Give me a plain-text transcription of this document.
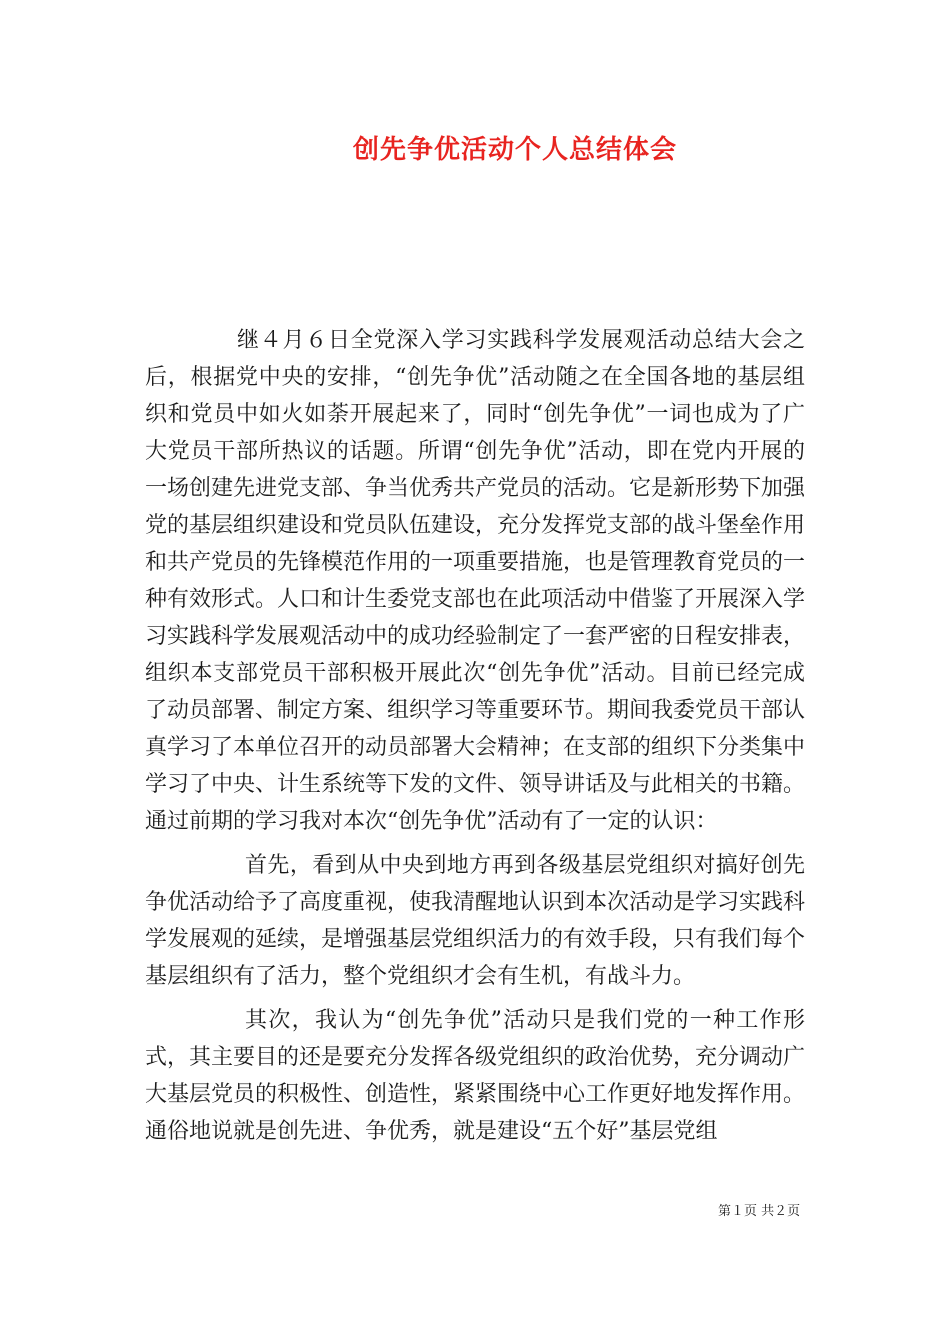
创先争优活动个人总结体会

继４月６日全党深入学习实践科学发展观活动总结大会之后，根据党中央的安排，“创先争优”活动随之在全国各地的基层组织和党员中如火如荼开展起来了，同时“创先争优”一词也成为了广大党员干部所热议的话题。所谓“创先争优”活动，即在党内开展的一场创建先进党支部、争当优秀共产党员的活动。它是新形势下加强党的基层组织建设和党员队伍建设，充分发挥党支部的战斗堡垒作用和共产党员的先锋模范作用的一项重要措施，也是管理教育党员的一种有效形式。人口和计生委党支部也在此项活动中借鉴了开展深入学习实践科学发展观活动中的成功经验制定了一套严密的日程安排表，组织本支部党员干部积极开展此次“创先争优”活动。目前已经完成了动员部署、制定方案、组织学习等重要环节。期间我委党员干部认真学习了本单位召开的动员部署大会精神；在支部的组织下分类集中学习了中央、计生系统等下发的文件、领导讲话及与此相关的书籍。通过前期的学习我对本次“创先争优”活动有了一定的认识：

首先，看到从中央到地方再到各级基层党组织对搞好创先争优活动给予了高度重视，使我清醒地认识到本次活动是学习实践科学发展观的延续，是增强基层党组织活力的有效手段，只有我们每个基层组织有了活力，整个党组织才会有生机，有战斗力。

其次，我认为“创先争优”活动只是我们党的一种工作形式，其主要目的还是要充分发挥各级党组织的政治优势，充分调动广大基层党员的积极性、创造性，紧紧围绕中心工作更好地发挥作用。通俗地说就是创先进、争优秀，就是建设“五个好”基层党组

第１页 共２页
